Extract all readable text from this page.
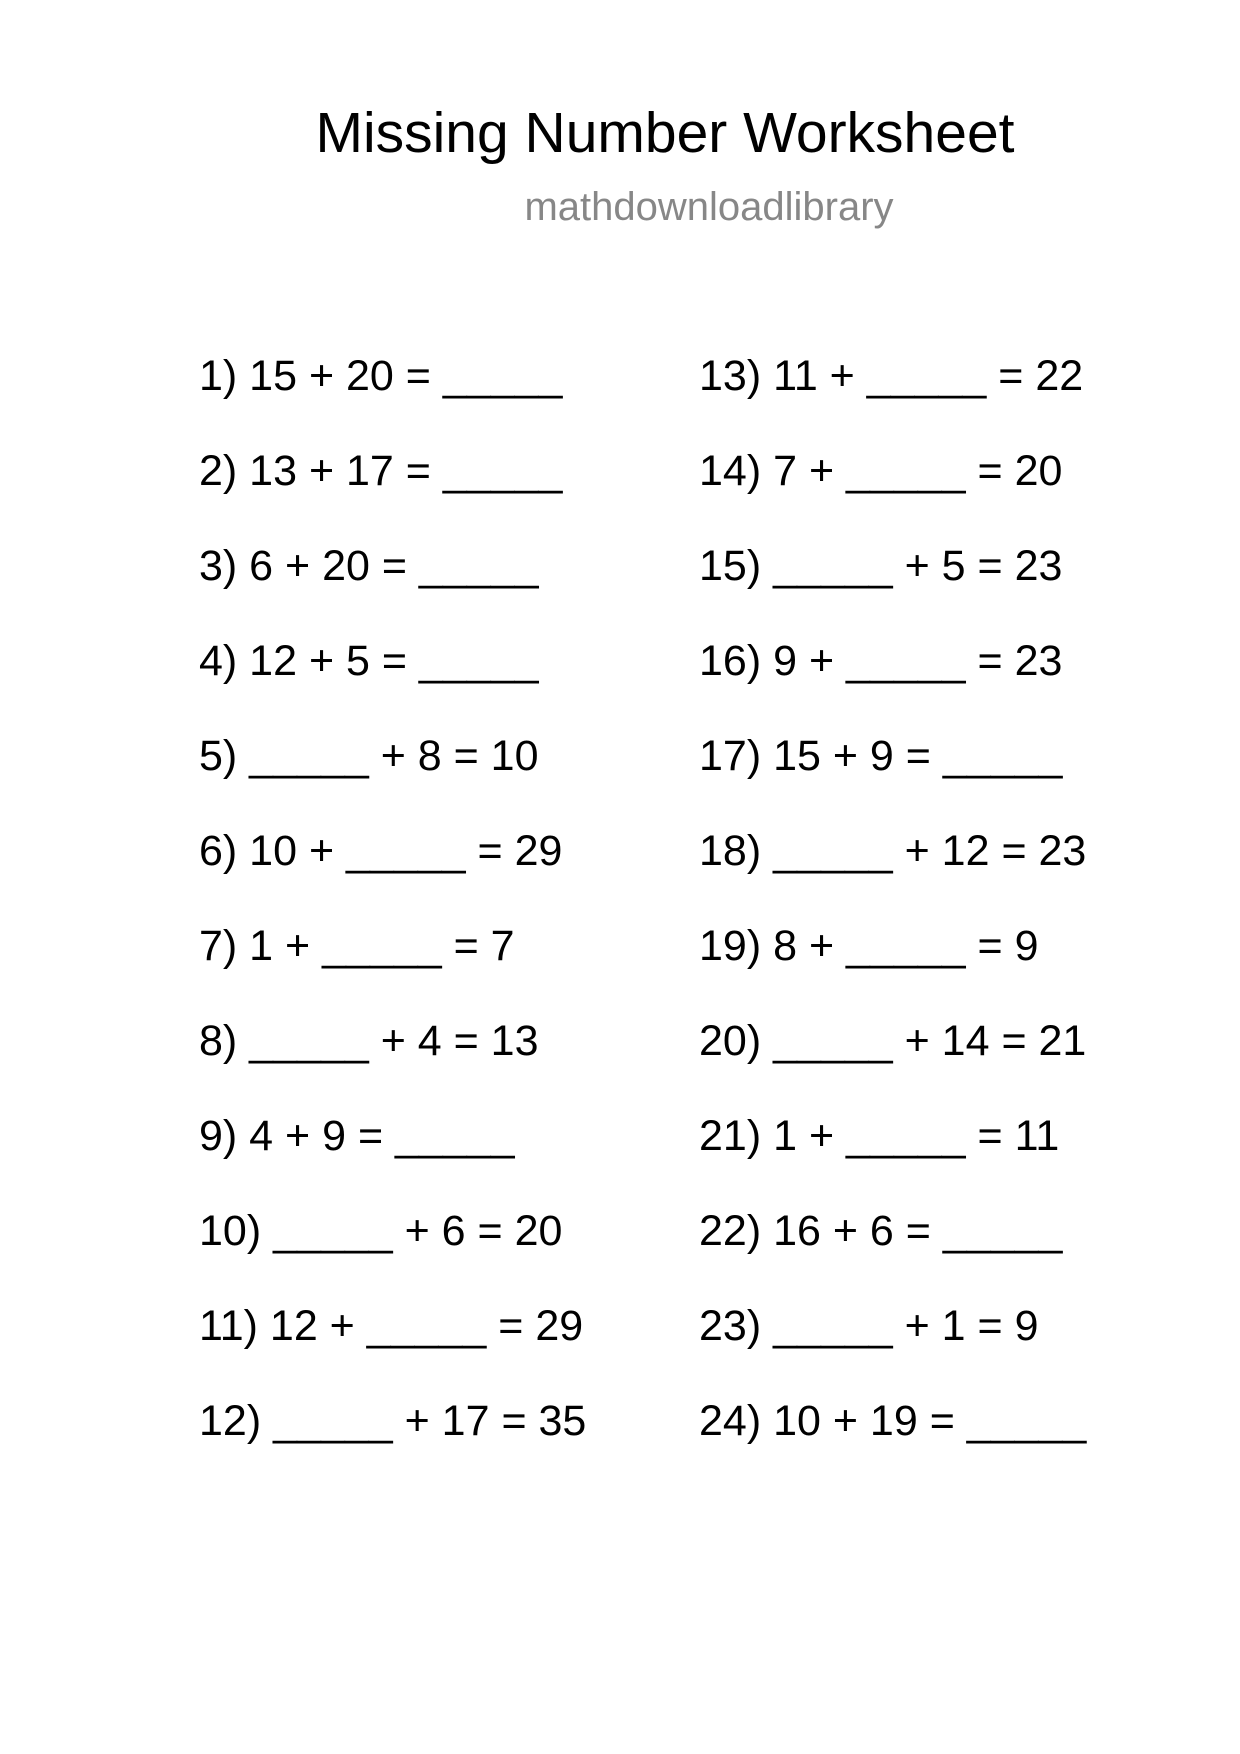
Missing Number Worksheet
mathdownloadlibrary
1) 15 + 20 = _____
2) 13 + 17 = _____
3) 6 + 20 = _____
4) 12 + 5 = _____
5) _____ + 8 = 10
6) 10 + _____ = 29
7) 1 + _____ = 7
8) _____ + 4 = 13
9) 4 + 9 = _____
10) _____ + 6 = 20
11) 12 + _____ = 29
12) _____ + 17 = 35
13) 11 + _____ = 22
14) 7 + _____ = 20
15) _____ + 5 = 23
16) 9 + _____ = 23
17) 15 + 9 = _____
18) _____ + 12 = 23
19) 8 + _____ = 9
20) _____ + 14 = 21
21) 1 + _____ = 11
22) 16 + 6 = _____
23) _____ + 1 = 9
24) 10 + 19 = _____
